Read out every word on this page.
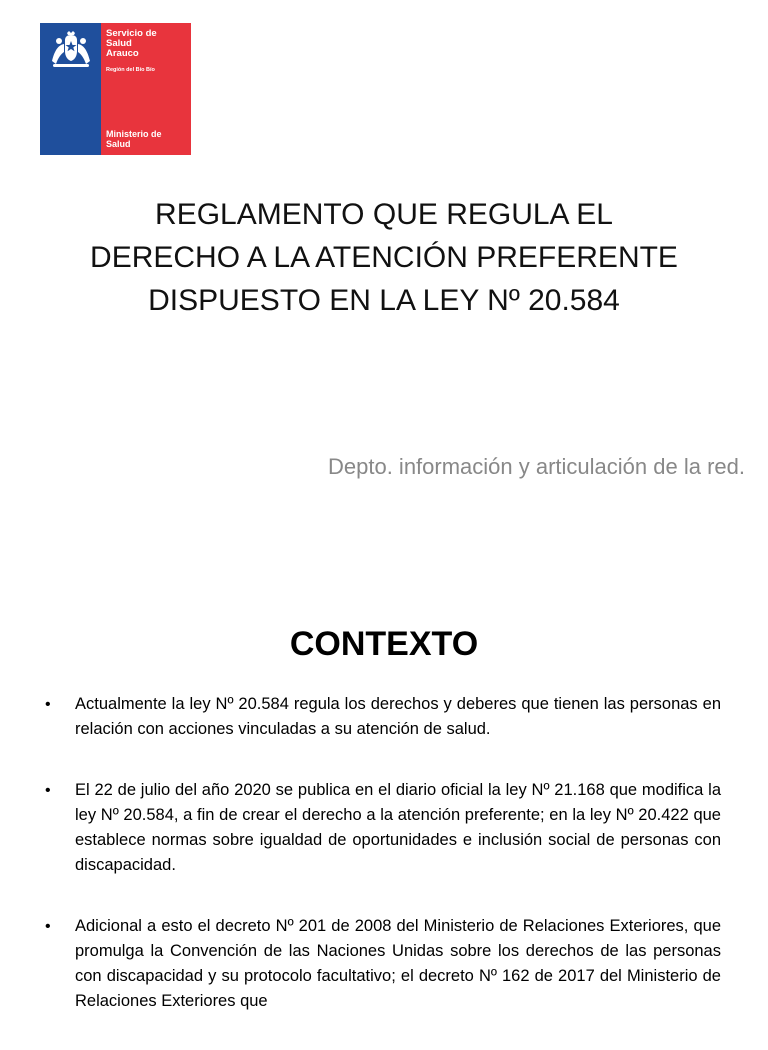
Servicio de
Salud
Arauco
Región del Bío Bío
Ministerio de
Salud
REGLAMENTO QUE REGULA EL
DERECHO A LA ATENCIÓN PREFERENTE
DISPUESTO EN LA LEY Nº 20.584
Depto. información y articulación de la red.
CONTEXTO
• Actualmente la ley Nº 20.584 regula los derechos y deberes que tienen las personas en relación con acciones vinculadas a su atención de salud.
• El 22 de julio del año 2020 se publica en el diario oficial la ley Nº 21.168 que modifica la ley Nº 20.584, a fin de crear el derecho a la atención preferente; en la ley Nº 20.422 que establece normas sobre igualdad de oportunidades e inclusión social de personas con discapacidad.
• Adicional a esto el decreto Nº 201 de 2008 del Ministerio de Relaciones Exteriores, que promulga la Convención de las Naciones Unidas sobre los derechos de las personas con discapacidad y su protocolo facultativo; el decreto Nº 162 de 2017 del Ministerio de Relaciones Exteriores que
